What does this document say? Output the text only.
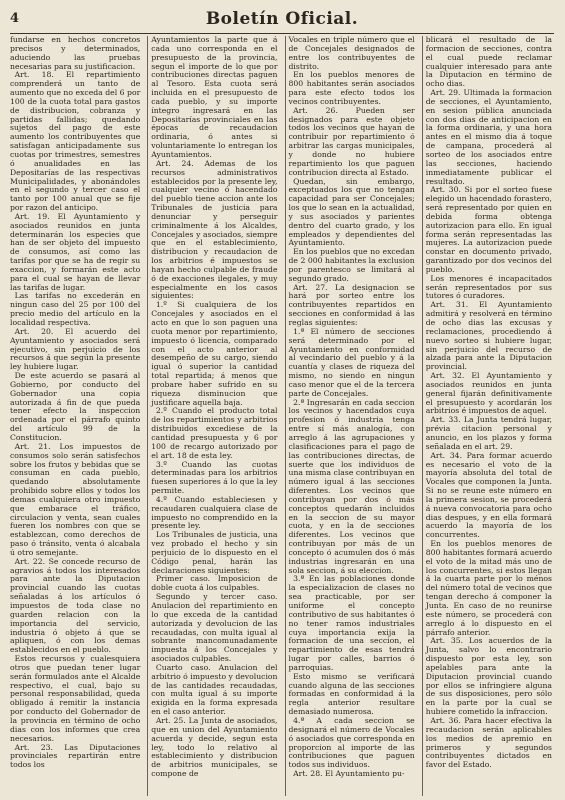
4	Boletín Oficial.

fundarse en hechos concretos precisos y determinados, aduciendo las pruebas necesarias para su justificacion.

Art. 18. El repartimiento comprenderá un tanto de aumento que no exceda del 6 por 100 de la cuota total para gastos de distribucion, cobranza y partidas fallidas; quedando sujetos del pago de este aumento los contribuyentes que satisfagan anticipadamente sus cuotas por trimestres, semestres ó anualidades en las Depositarías de las respectivas Municipalidades, y abonándoles en el segundo y tercer caso el tanto por 100 anual que se fije por razon del anticipo.

Art. 19. El Ayuntamiento y asociados reunidos en junta determinarán los especies que han de ser objeto del impuesto de consumos, así como las tarifas por que se ha de regir su exaccion, y formarán este acto para el cual se hayan de llevar las tarifas de lugar.

Las tarifas no excederán en ningun caso del 25 por 100 del precio medio del artículo en la localidad respectiva.

Art. 20. El acuerdo del Ayuntamiento y asociados será ejecutivo, sin perjuicio de los recursos á que según la presente ley hubiere lugar.

De este acuerdo se pasará al Gobierno, por conducto del Gobernador una copia autorizada á fin de que pueda tener efecto la inspeccion ordenada por el párrafo quinto del artículo 99 de la Constitucion.

Art. 21. Los impuestos de consumos solo serán satisfechos sobre los frutos y bebidas que se consuman en cada pueblo, quedando absolutamente prohibido sobre ellos y todos los demas cualquiera otro impuesto que embarace el tráfico, circulacion y venta, sean cuales fueren los nombres con que se establezcan, como derechos de paso ó tránsito, venta ó alcabala ú otro semejante.

Art. 22. Se concede recurso de agravios á todos los interesados para ante la Diputacion provincial cuando las cuotas señaladas á los artículos ó impuestos de toda clase no guarden relacion con la importancia del servicio, industria ó objeto á que se apliquen, ó con los demas establecidos en el pueblo.

Estos recursos y cualesquiera otros que puedan tener lugar serán formulados ante el Alcalde respectivo, el cual, bajo su personal responsabilidad, queda obligado á remitir la instancia por conducto del Gobernador de la provincia en término de ocho dias con los informes que crea necesarios.

Art. 23. Las Diputaciones provinciales repartirán entre todos los

Ayuntamientos la parte que á cada uno corresponda en el presupuesto de la provincia, segun el importe de lo que por contribuciones directas paguen al Tesoro. Esta cuota será incluida en el presupuesto de cada pueblo, y su importe íntegro ingresará en las Depositarías provinciales en las épocas de recaudacion ordinaria, ó antes si voluntariamente lo entregan los Ayuntamientos.

Art. 24. Ademas de los recursos administrativos establecidos por la presente ley, cualquier vecino ó hacendado del pueblo tiene accion ante los Tribunales de justicia para denunciar y perseguir criminalmente á los Alcaldes, Concejales y asociados, siempre que en el establecimiento, distribucion y recaudacion de los arbitrios é impuestos se hayan hecho culpable de fraude ó de exacciones ilegales, y muy especialmente en los casos siguientes:

1.º Si cualquiera de los Concejales y asociados en el acto en que lo son paguen una cuota menor por repartimiento, impuesto ó licencia, comparado con el acto anterior al desempeño de su cargo, siendo igual ó superior la cantidad total repartida; á menos que probare haber sufrido en su riqueza disminucion que justificare aquella baja.

2.º Cuando el producto total de los repartimientos y arbitrios distribuidos excediese de la cantidad presupuesta y 6 por 100 de recargo autorizado por el art. 18 de esta ley.

3.º Cuando las cuotas determinadas para los arbitrios fuesen superiores á lo que la ley permite.

4.º Cuando estableciesen y recaudaren cualquiera clase de impuesto no comprendido en la presente ley.

Los Tribunales de justicia, una vez probado el hecho y sin perjuicio de lo dispuesto en el Código penal, harán las declaraciones siguientes:

Primer caso. Imposicion de doble cuota á los culpables.

Segundo y tercer caso. Anulacion del repartimiento en lo que exceda de la cantidad autorizada y devolucion de las recaudadas, con multa igual al sobrante mancomunadamente impuesta á los Concejales y asociados culpables.

Cuarto caso. Anulacion del arbitrio ó impuesto y devolucion de las cantidades recaudadas, con multa igual á su importe exigida en la forma expresada en el caso anterior.

Art. 25. La Junta de asociados, que en union del Ayuntamiento acuerda y decide, segun esta ley, todo lo relativo al establecimiento y distribucion de arbitrios municipales, se compone de

Vocales en triple número que el de Concejales designados de entre los contribuyentes de distrito.

En los pueblos menores de 800 habitantes serán asociados para este efecto todos los vecinos contribuyentes.

Art. 26. Pueden ser designados para este objeto todos los vecinos que hayan de contribuir por repartimiento ó arbitrar las cargas municipales, y donde no hubiere repartimiento los que paguen contribucion directa al Estado.

Quedan, sin embargo, exceptuados los que no tengan capacidad para ser Concejales; los que lo sean en la actualidad, y sus asociados y parientes dentro del cuarto grado, y los empleados y dependientes del Ayuntamiento.

En los pueblos que no excedan de 2 000 habitantes la exclusion por parentesco se limitará al segundo grado.

Art. 27. La designacion se hará por sorteo entre los contribuyentes repartidos en secciones en conformidad á las reglas siguientes:

1.ª El número de secciones será determinado por el Ayuntamiento en conformidad al vecindario del pueblo y á la cuantía y clases de riqueza del mismo, no siendo en ningun caso menor que el de la tercera parte de Concejales.

2.ª Ingresarán en cada seccion los vecinos y hacendados cuya profesion ó industria tenga entre sí más analogía, con arreglo á las agrupaciones y clasificaciones para el pago de las contribuciones directas, de suerte que los individuos de una misma clase contribuyan en número igual á las secciones diferentes. Los vecinos que contribuyan por dos ó más conceptos quedarán incluidos en la seccion de su mayor cuota, y en la de secciones diferentes. Los vecinos que contribuyan por más de un concepto ó acumulen dos ó más industrias ingresarán en una sola seccion, á su eleccion.

3.ª En las poblaciones donde la especializacion de clases no sea practicable, por ser uniforme el concepto contributivo de sus habitantes ó no tener ramos industriales cuya importancia exija la formacion de una seccion, el repartimiento de esas tendrá lugar por calles, barrios ó parroquias.

Esto mismo se verificará cuando alguna de las secciones formadas en conformidad á la regla anterior resultare demasiado numerosa.

4.ª A cada seccion se designará el número de Vocales ó asociados que corresponda en proporcion al importe de las contribuciones que paguen todos sus individuos.

Art. 28. El Ayuntamiento pu-

blicará el resultado de la formacion de secciones, contra el cual puede reclamar cualquier interesado para ante la Diputacion en término de ocho dias.

Art. 29. Ultimada la formacion de secciones, el Ayuntamiento, en sesion pública anunciada con dos dias de anticipacion en la forma ordinaria, y una hora antes en el mismo dia á toque de campana, procederá al sorteo de los asociados entre las secciones, haciendo inmediatamente publicar el resultado.

Art. 30. Si por el sorteo fuese elegido un hacendado forastero, será representado por quien en debida forma obtenga autorizacion para ello. En igual forma serán representadas las mujeres. La autorizacion puede constar en documento privado, garantizado por dos vecinos del pueblo.

Los menores é incapacitados serán representados por sus tutores ó curadores.

Art. 31. El Ayuntamiento admitirá y resolverá en término de ocho dias las excusas y reclamaciones, procediendo á nuevo sorteo si hubiere lugar, sin perjuicio del recurso de alzada para ante la Diputacion provincial.

Art. 32. El Ayuntamiento y asociados reunidos en junta general fijarán definitivamente el presupuesto y acordarán los arbitrios é impuestos de aquel.

Art. 33. La Junta tendrá lugar, prévia citacion personal y anuncio, en los plazos y forma señalada en el art. 29.

Art. 34. Para formar acuerdo es necesario el voto de la mayoría absoluta del total de Vocales que componen la Junta. Si no se reune este número en la primera sesion, se procederá á nueva convocatoria para ocho dias despues, y en ella formará acuerdo la mayoría de los concurrentes.

En los pueblos menores de 800 habitantes formará acuerdo el voto de la mitad más uno de los concurrentes, si estos llegan á la cuarta parte por lo ménos del número total de vecinos que tengan derecho á componer la Junta. En caso de no reunirse este número, se procederá con arreglo á lo dispuesto en el párrafo anterior.

Art. 35. Los acuerdos de la Junta, salvo lo encontrario dispuesto por esta ley, son apelables para ante la Diputacion provincial cuando por ellos se infringiere alguna de sus disposiciones, pero sólo en la parte por la cual se hubiere cometido la infraccion.

Art. 36. Para hacer efectiva la recaudacion serán aplicables los medios de apremio en primeros y segundos contribuyentes dictados en favor del Estado.
